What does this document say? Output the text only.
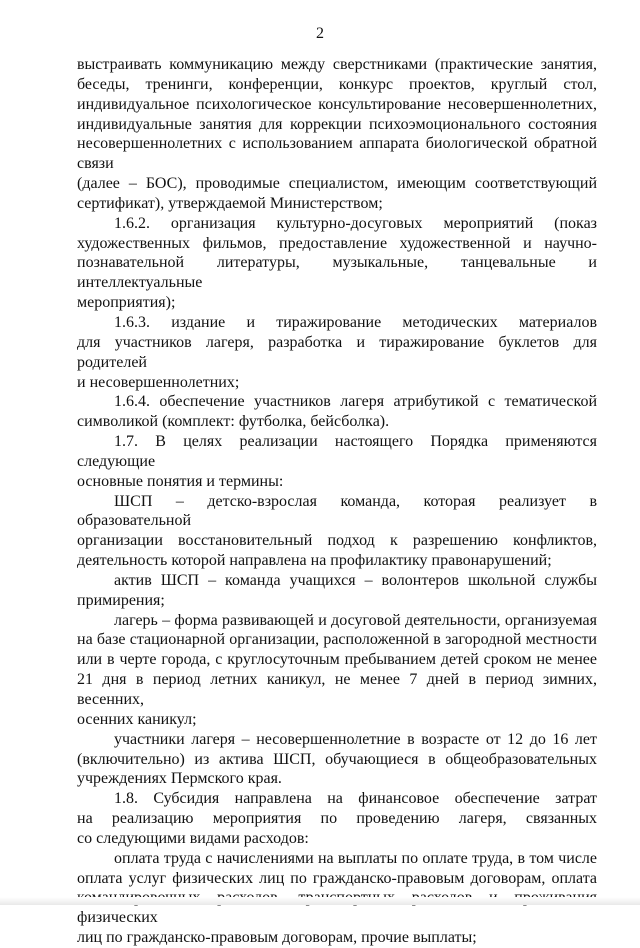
2
выстраивать коммуникацию между сверстниками (практические занятия,
беседы, тренинги, конференции, конкурс проектов, круглый стол,
индивидуальное психологическое консультирование несовершеннолетних,
индивидуальные занятия для коррекции психоэмоционального состояния
несовершеннолетних с использованием аппарата биологической обратной связи
(далее – БОС), проводимые специалистом, имеющим соответствующий
сертификат), утверждаемой Министерством;
1.6.2. организация культурно-досуговых мероприятий (показ
художественных фильмов, предоставление художественной и научно-
познавательной литературы, музыкальные, танцевальные и интеллектуальные
мероприятия);
1.6.3. издание и тиражирование методических материалов
для участников лагеря, разработка и тиражирование буклетов для родителей
и несовершеннолетних;
1.6.4. обеспечение участников лагеря атрибутикой с тематической
символикой (комплект: футболка, бейсболка).
1.7. В целях реализации настоящего Порядка применяются следующие
основные понятия и термины:
ШСП – детско-взрослая команда, которая реализует в образовательной
организации восстановительный подход к разрешению конфликтов,
деятельность которой направлена на профилактику правонарушений;
актив ШСП – команда учащихся – волонтеров школьной службы
примирения;
лагерь – форма развивающей и досуговой деятельности, организуемая
на базе стационарной организации, расположенной в загородной местности
или в черте города, с круглосуточным пребыванием детей сроком не менее
21 дня в период летних каникул, не менее 7 дней в период зимних, весенних,
осенних каникул;
участники лагеря – несовершеннолетние в возрасте от 12 до 16 лет
(включительно) из актива ШСП, обучающиеся в общеобразовательных
учреждениях Пермского края.
1.8. Субсидия направлена на финансовое обеспечение затрат
на реализацию мероприятия по проведению лагеря, связанных
со следующими видами расходов:
оплата труда с начислениями на выплаты по оплате труда, в том числе
оплата услуг физических лиц по гражданско-правовым договорам, оплата
физических
лиц по гражданско-правовым договорам, прочие выплаты;
